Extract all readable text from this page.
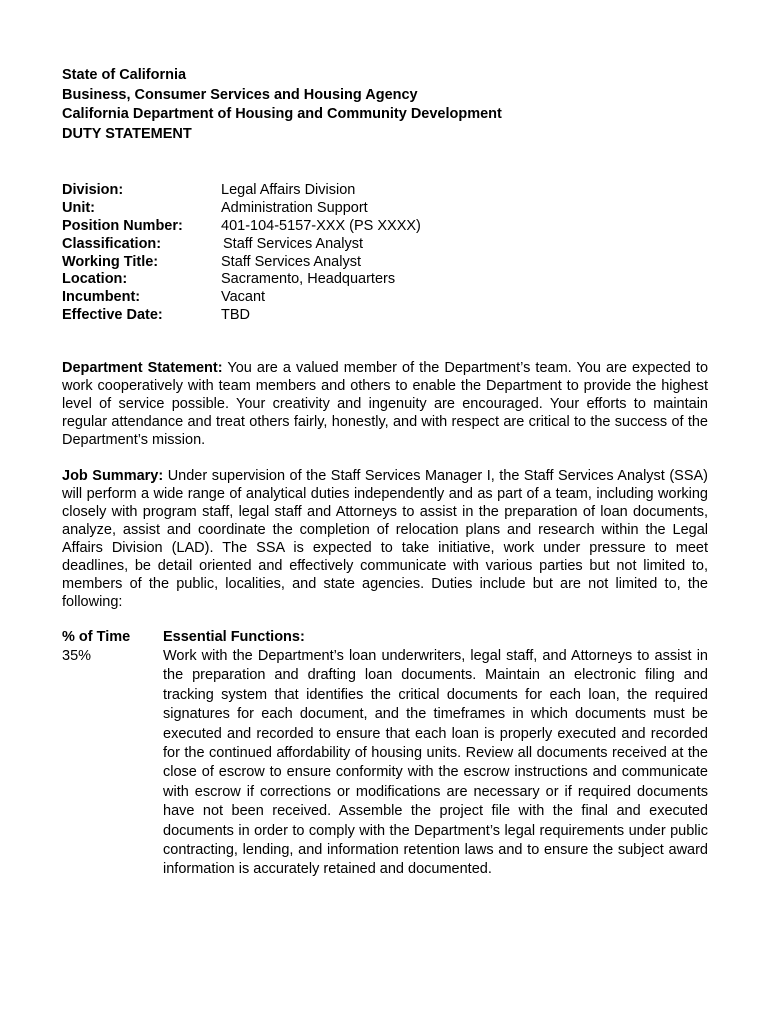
State of California
Business, Consumer Services and Housing Agency
California Department of Housing and Community Development
DUTY STATEMENT
Division:	Legal Affairs Division
Unit:	Administration Support
Position Number:	401-104-5157-XXX (PS XXXX)
Classification:	Staff Services Analyst
Working Title:	Staff Services Analyst
Location:	Sacramento, Headquarters
Incumbent:	Vacant
Effective Date:	TBD

Department Statement: You are a valued member of the Department’s team. You are expected to work cooperatively with team members and others to enable the Department to provide the highest level of service possible. Your creativity and ingenuity are encouraged. Your efforts to maintain regular attendance and treat others fairly, honestly, and with respect are critical to the success of the Department’s mission.

Job Summary: Under supervision of the Staff Services Manager I, the Staff Services Analyst (SSA) will perform a wide range of analytical duties independently and as part of a team, including working closely with program staff, legal staff and Attorneys to assist in the preparation of loan documents, analyze, assist and coordinate the completion of relocation plans and research within the Legal Affairs Division (LAD). The SSA is expected to take initiative, work under pressure to meet deadlines, be detail oriented and effectively communicate with various parties but not limited to, members of the public, localities, and state agencies. Duties include but are not limited to, the following:

% of Time	Essential Functions:
35%	Work with the Department’s loan underwriters, legal staff, and Attorneys to assist in the preparation and drafting loan documents. Maintain an electronic filing and tracking system that identifies the critical documents for each loan, the required signatures for each document, and the timeframes in which documents must be executed and recorded to ensure that each loan is properly executed and recorded for the continued affordability of housing units. Review all documents received at the close of escrow to ensure conformity with the escrow instructions and communicate with escrow if corrections or modifications are necessary or if required documents have not been received. Assemble the project file with the final and executed documents in order to comply with the Department’s legal requirements under public contracting, lending, and information retention laws and to ensure the subject award information is accurately retained and documented.
